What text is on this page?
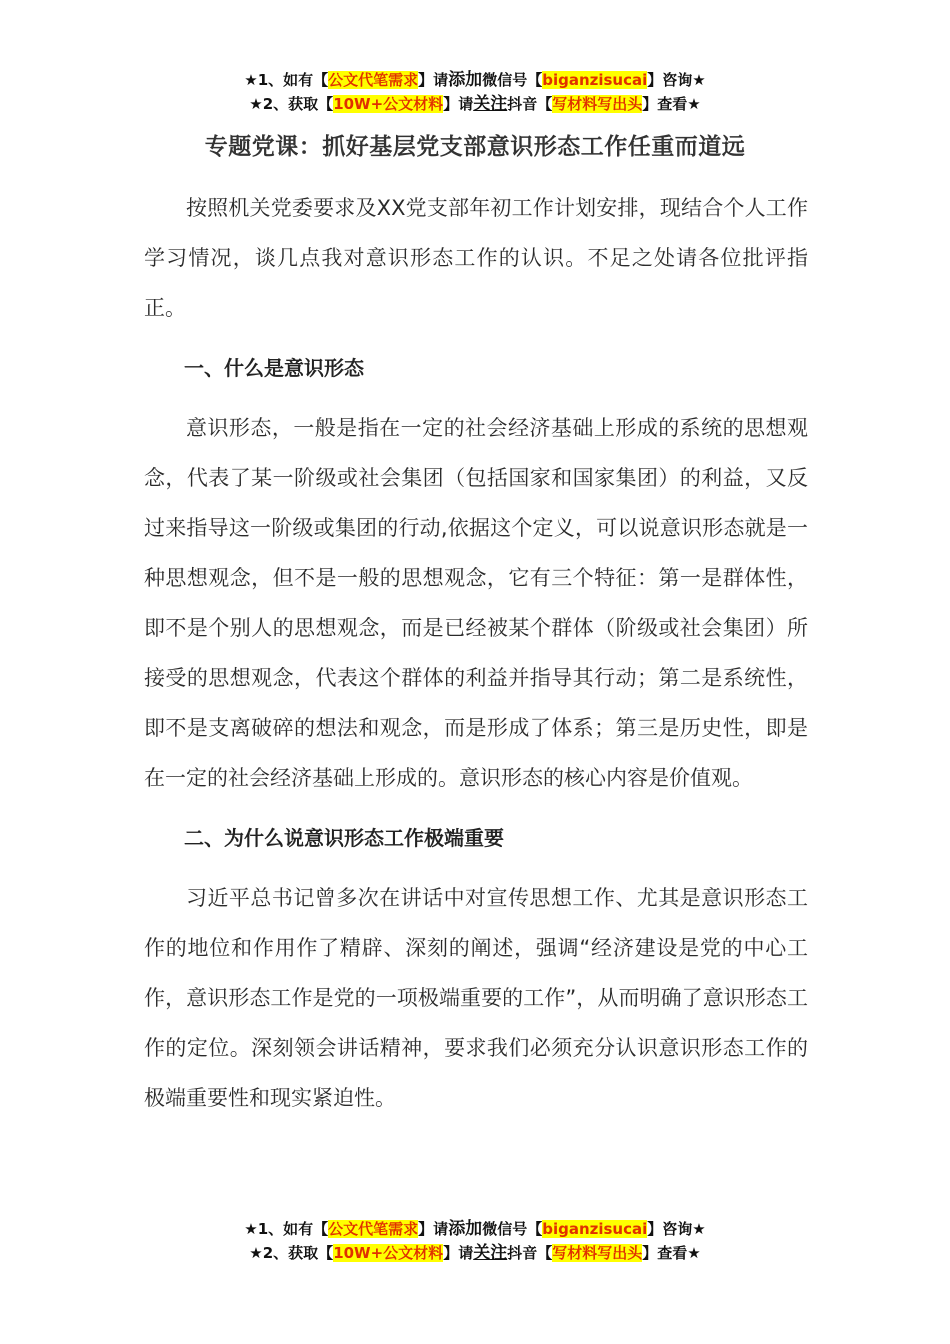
★1、如有【公文代笔需求】请添加微信号【biganzisucai】咨询★
★2、获取【10W+公文材料】请关注抖音【写材料写出头】查看★
专题党课：抓好基层党支部意识形态工作任重而道远

按照机关党委要求及XX党支部年初工作计划安排，现结合个人工作学习情况，谈几点我对意识形态工作的认识。不足之处请各位批评指正。

一、什么是意识形态

意识形态，一般是指在一定的社会经济基础上形成的系统的思想观念，代表了某一阶级或社会集团（包括国家和国家集团）的利益，又反过来指导这一阶级或集团的行动,依据这个定义，可以说意识形态就是一种思想观念，但不是一般的思想观念，它有三个特征：第一是群体性，即不是个别人的思想观念，而是已经被某个群体（阶级或社会集团）所接受的思想观念，代表这个群体的利益并指导其行动；第二是系统性，即不是支离破碎的想法和观念，而是形成了体系；第三是历史性，即是在一定的社会经济基础上形成的。意识形态的核心内容是价值观。

二、为什么说意识形态工作极端重要

习近平总书记曾多次在讲话中对宣传思想工作、尤其是意识形态工作的地位和作用作了精辟、深刻的阐述，强调“经济建设是党的中心工作，意识形态工作是党的一项极端重要的工作”，从而明确了意识形态工作的定位。深刻领会讲话精神，要求我们必须充分认识意识形态工作的极端重要性和现实紧迫性。

★1、如有【公文代笔需求】请添加微信号【biganzisucai】咨询★
★2、获取【10W+公文材料】请关注抖音【写材料写出头】查看★
